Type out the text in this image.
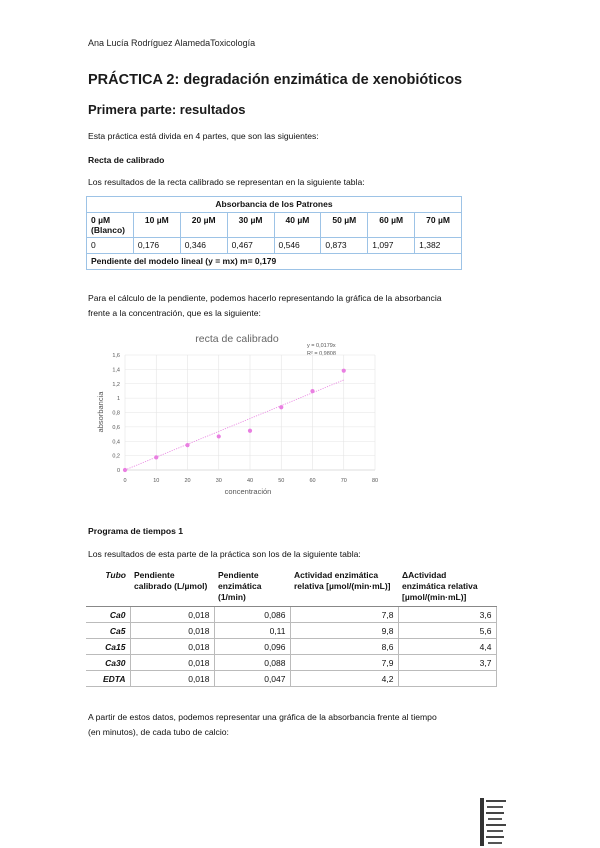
Ana Lucía Rodríguez AlamedaToxicología
PRÁCTICA 2: degradación enzimática de xenobióticos
Primera parte: resultados
Esta práctica está divida en 4 partes, que son las siguientes:
Recta de calibrado
Los resultados de la recta calibrado se representan en la siguiente tabla:
Absorbancia de los Patrones							
0 µM (Blanco)	10 µM	20 µM	30 µM	40 µM	50 µM	60 µM	70 µM
0	0,176	0,346	0,467	0,546	0,873	1,097	1,382
Pendiente del modelo lineal (y = mx) m= 0,179							
Para el cálculo de la pendiente, podemos hacerlo representando la gráfica de la absorbancia
frente a la concentración, que es la siguiente:
recta de calibrado
y = 0,0179x
R² = 0,9808
0
0,2
0,4
0,6
0,8
1
1,2
1,4
1,6
0	10	20	30	40	50	60	70	80
concentración
absorbancia
Programa de tiempos 1
Los resultados de esta parte de la práctica son los de la siguiente tabla:
Tubo	Pendiente calibrado (L/µmol)	Pendiente enzimática (1/min)	Actividad enzimática relativa [µmol/(min·mL)]	ΔActividad enzimática relativa [µmol/(min·mL)]
Ca0	0,018	0,086	7,8	3,6
Ca5	0,018	0,11	9,8	5,6
Ca15	0,018	0,096	8,6	4,4
Ca30	0,018	0,088	7,9	3,7
EDTA	0,018	0,047	4,2	
A partir de estos datos, podemos representar una gráfica de la absorbancia frente al tiempo
(en minutos), de cada tubo de calcio:
